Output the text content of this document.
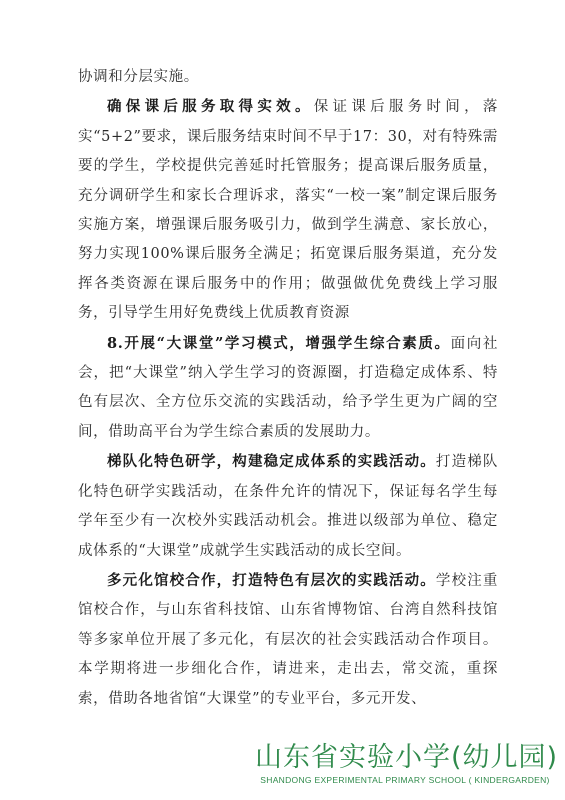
协调和分层实施。

确保课后服务取得实效。保证课后服务时间，落实“5+2”要求，课后服务结束时间不早于17：30，对有特殊需要的学生，学校提供完善延时托管服务；提高课后服务质量，充分调研学生和家长合理诉求，落实“一校一案”制定课后服务实施方案，增强课后服务吸引力，做到学生满意、家长放心，努力实现100%课后服务全满足；拓宽课后服务渠道，充分发挥各类资源在课后服务中的作用；做强做优免费线上学习服务，引导学生用好免费线上优质教育资源

8.开展“大课堂”学习模式，增强学生综合素质。面向社会，把“大课堂”纳入学生学习的资源圈，打造稳定成体系、特色有层次、全方位乐交流的实践活动，给予学生更为广阔的空间，借助高平台为学生综合素质的发展助力。

梯队化特色研学，构建稳定成体系的实践活动。打造梯队化特色研学实践活动，在条件允许的情况下，保证每名学生每学年至少有一次校外实践活动机会。推进以级部为单位、稳定成体系的“大课堂”成就学生实践活动的成长空间。

多元化馆校合作，打造特色有层次的实践活动。学校注重馆校合作，与山东省科技馆、山东省博物馆、台湾自然科技馆等多家单位开展了多元化，有层次的社会实践活动合作项目。本学期将进一步细化合作，请进来，走出去，常交流，重探索，借助各地省馆“大课堂”的专业平台，多元开发、

山东省实验小学(幼儿园)
SHANDONG EXPERIMENTAL PRIMARY SCHOOL ( KINDERGARDEN)
